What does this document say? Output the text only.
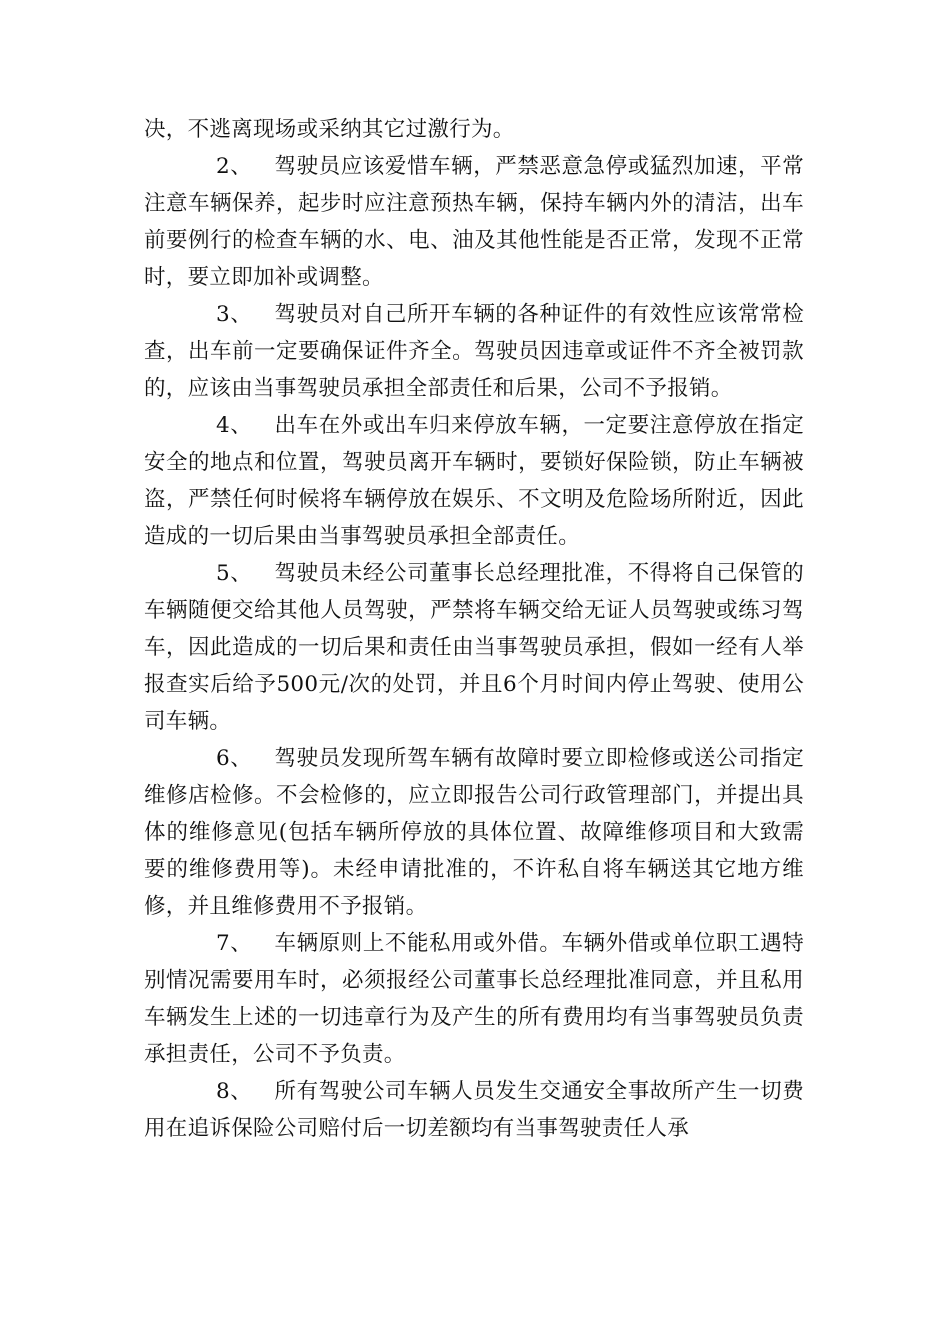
决，不逃离现场或采纳其它过激行为。

2、 驾驶员应该爱惜车辆，严禁恶意急停或猛烈加速，平常注意车辆保养，起步时应注意预热车辆，保持车辆内外的清洁，出车前要例行的检查车辆的水、电、油及其他性能是否正常，发现不正常时，要立即加补或调整。

3、 驾驶员对自己所开车辆的各种证件的有效性应该常常检查，出车前一定要确保证件齐全。驾驶员因违章或证件不齐全被罚款的，应该由当事驾驶员承担全部责任和后果，公司不予报销。

4、 出车在外或出车归来停放车辆，一定要注意停放在指定安全的地点和位置，驾驶员离开车辆时，要锁好保险锁，防止车辆被盗，严禁任何时候将车辆停放在娱乐、不文明及危险场所附近，因此造成的一切后果由当事驾驶员承担全部责任。

5、 驾驶员未经公司董事长总经理批准，不得将自己保管的车辆随便交给其他人员驾驶，严禁将车辆交给无证人员驾驶或练习驾车，因此造成的一切后果和责任由当事驾驶员承担，假如一经有人举报查实后给予500元/次的处罚，并且6个月时间内停止驾驶、使用公司车辆。

6、 驾驶员发现所驾车辆有故障时要立即检修或送公司指定维修店检修。不会检修的，应立即报告公司行政管理部门，并提出具体的维修意见(包括车辆所停放的具体位置、故障维修项目和大致需要的维修费用等)。未经申请批准的，不许私自将车辆送其它地方维修，并且维修费用不予报销。

7、 车辆原则上不能私用或外借。车辆外借或单位职工遇特别情况需要用车时，必须报经公司董事长总经理批准同意，并且私用车辆发生上述的一切违章行为及产生的所有费用均有当事驾驶员负责承担责任，公司不予负责。

8、 所有驾驶公司车辆人员发生交通安全事故所产生一切费用在追诉保险公司赔付后一切差额均有当事驾驶责任人承
